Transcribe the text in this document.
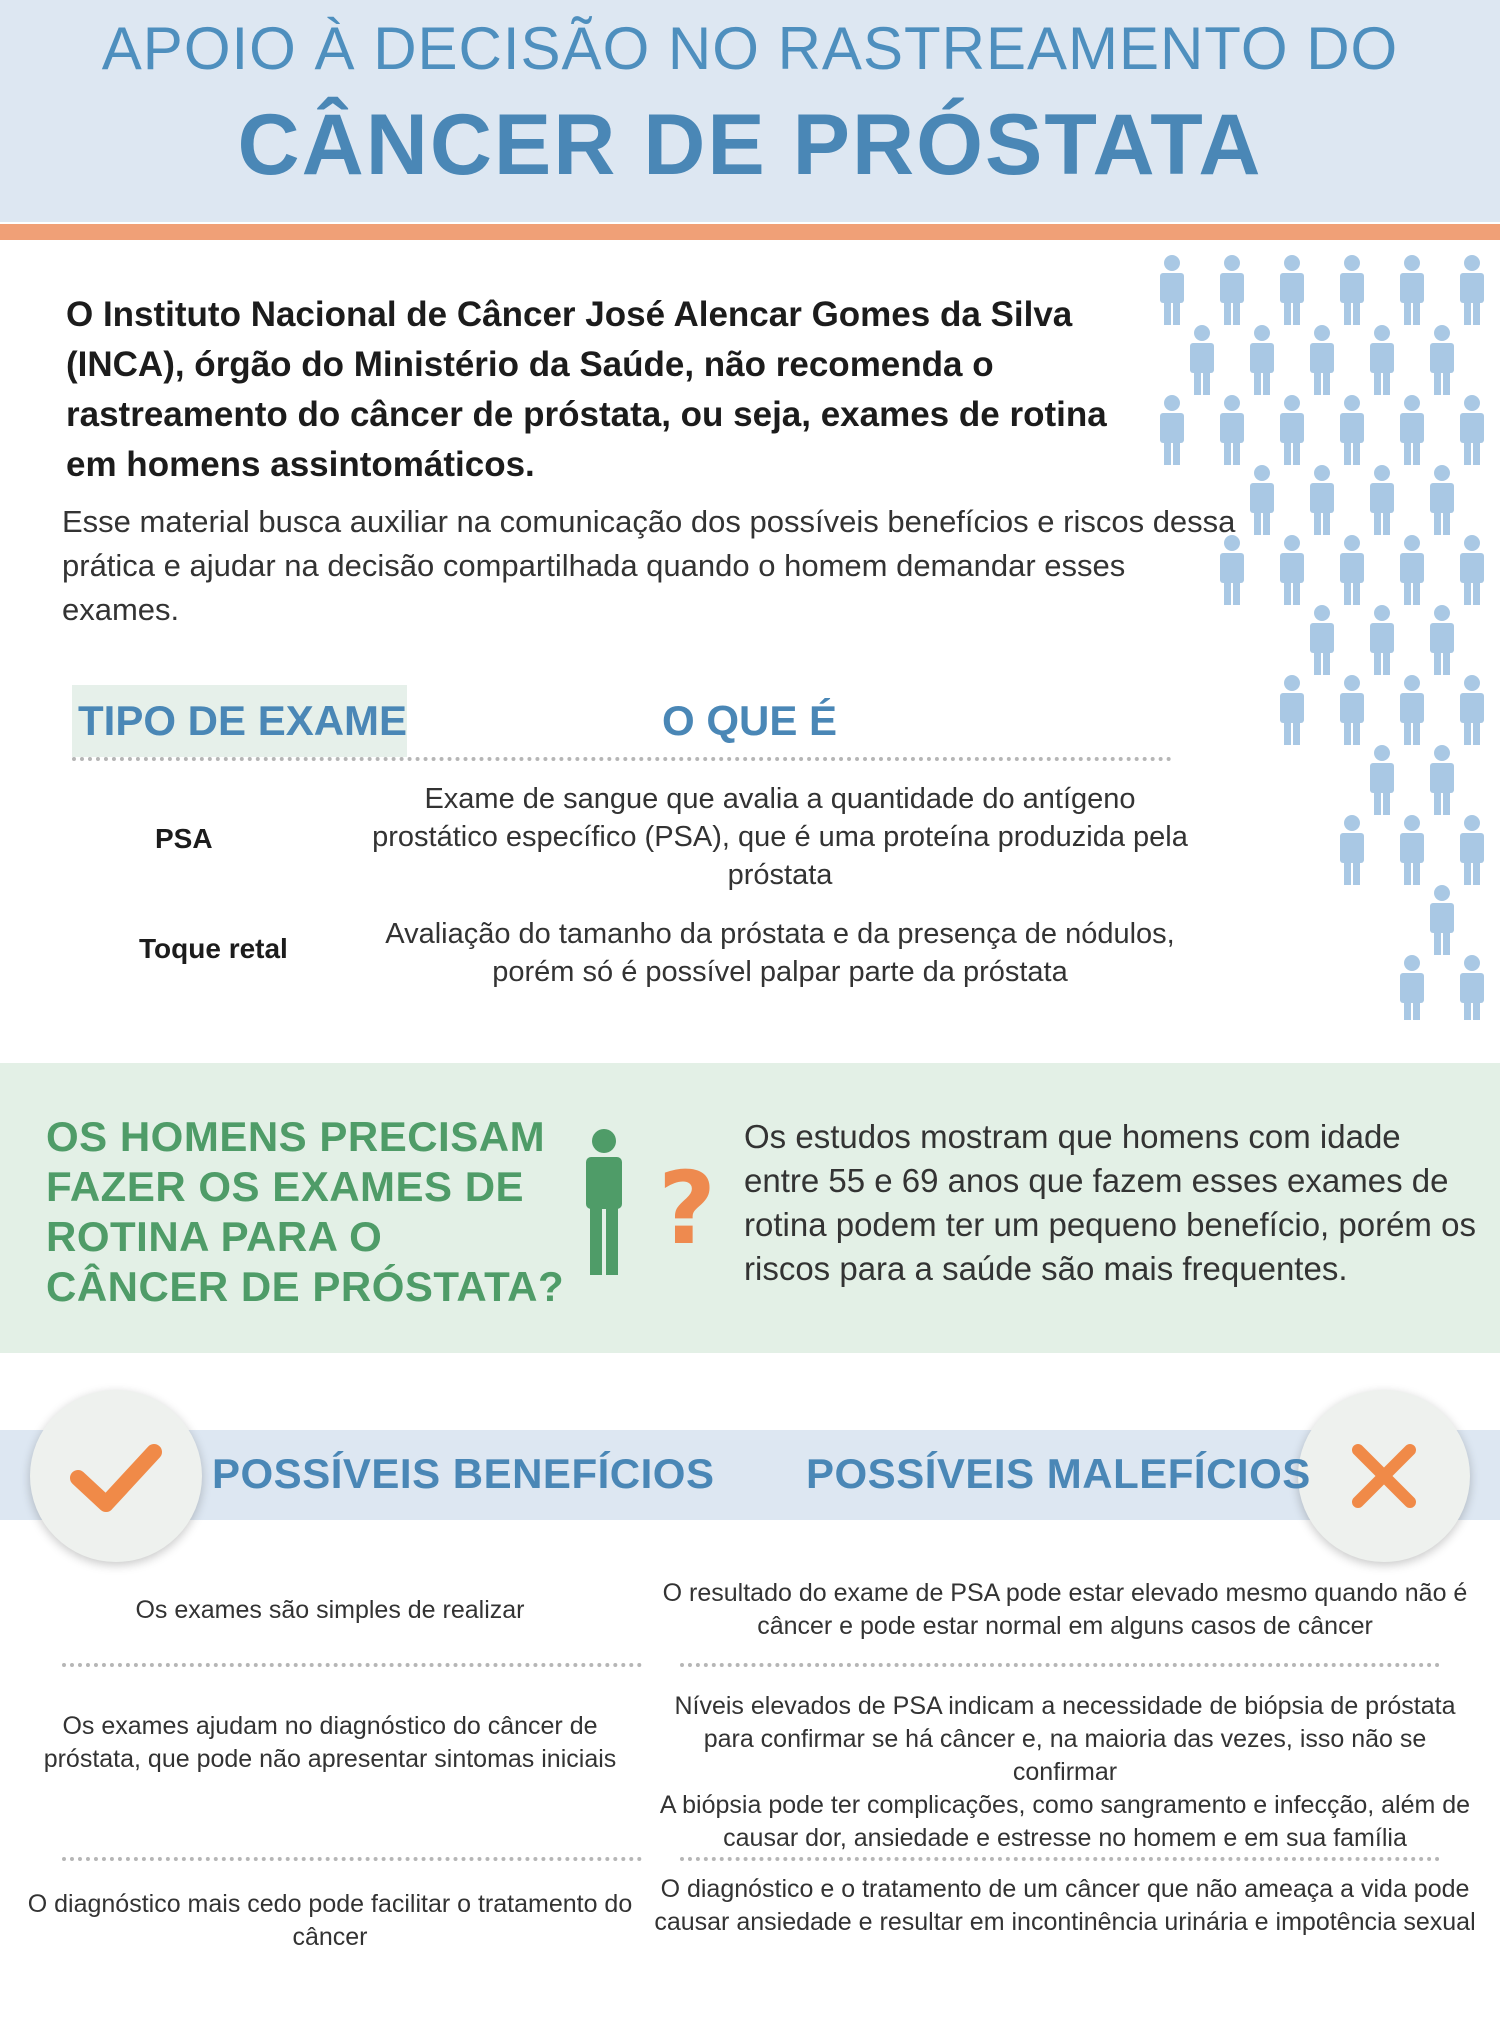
APOIO À DECISÃO NO RASTREAMENTO DO
CÂNCER DE PRÓSTATA
O Instituto Nacional de Câncer José Alencar Gomes da Silva (INCA), órgão do Ministério da Saúde, não recomenda o rastreamento do câncer de próstata, ou seja, exames de rotina em homens assintomáticos.
Esse material busca auxiliar na comunicação dos possíveis benefícios e riscos dessa prática e ajudar na decisão compartilhada quando o homem demandar esses exames.
TIPO DE EXAME	O QUE É
PSA
Exame de sangue que avalia a quantidade do antígeno prostático específico (PSA), que é uma proteína produzida pela próstata
Toque retal	Avaliação do tamanho da próstata e da presença de nódulos, porém só é possível palpar parte da próstata
OS HOMENS PRECISAM FAZER OS EXAMES DE ROTINA PARA O CÂNCER DE PRÓSTATA?
?
Os estudos mostram que homens com idade entre 55 e 69 anos que fazem esses exames de rotina podem ter um pequeno benefício, porém os riscos para a saúde são mais frequentes.
POSSÍVEIS BENEFÍCIOS POSSÍVEIS MALEFÍCIOS
Os exames são simples de realizar
Os exames ajudam no diagnóstico do câncer de próstata, que pode não apresentar sintomas iniciais
O diagnóstico mais cedo pode facilitar o tratamento do câncer
O resultado do exame de PSA pode estar elevado mesmo quando não é câncer e pode estar normal em alguns casos de câncer
Níveis elevados de PSA indicam a necessidade de biópsia de próstata para confirmar se há câncer e, na maioria das vezes, isso não se confirmar
A biópsia pode ter complicações, como sangramento e infecção, além de causar dor, ansiedade e estresse no homem e em sua família
O diagnóstico e o tratamento de um câncer que não ameaça a vida pode causar ansiedade e resultar em incontinência urinária e impotência sexual
